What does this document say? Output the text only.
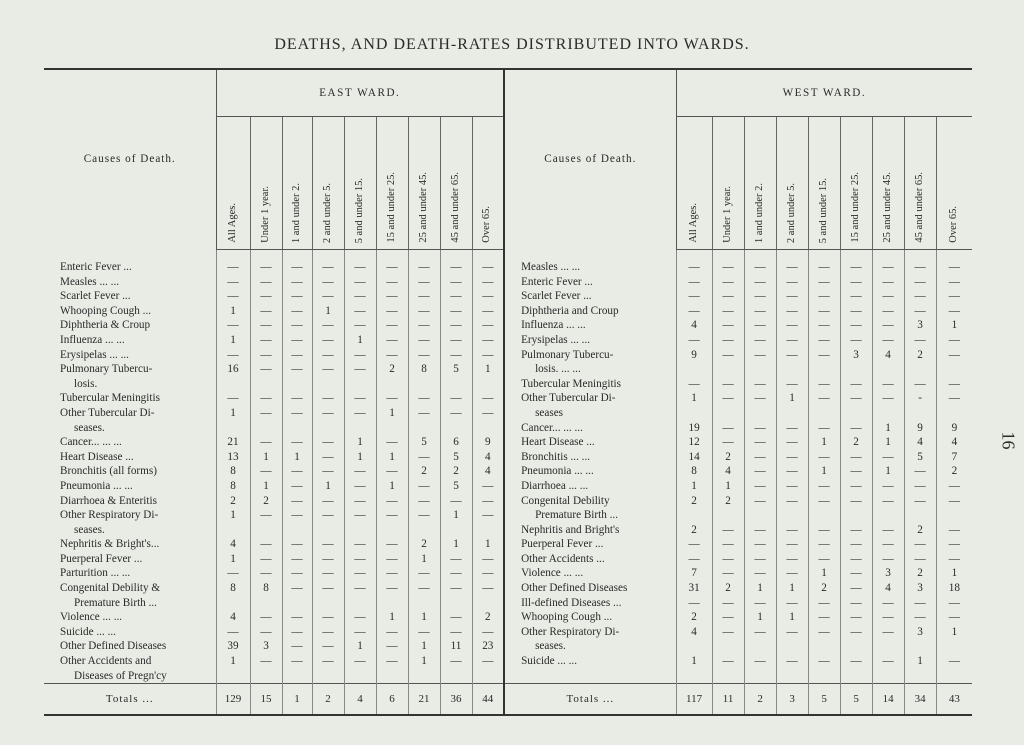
DEATHS, AND DEATH-RATES DISTRIBUTED INTO WARDS.
16
Causes of Death.	EAST WARD.									Causes of Death.	WEST WARD.								

	All Ages.	Under 1 year.	1 and under 2.	2 and under 5.	5 and under 15.	15 and under 25.	25 and under 45.	45 and under 65.	Over 65.		All Ages.	Under 1 year.	1 and under 2.	2 and under 5.	5 and under 15.	15 and under 25.	25 and under 45.	45 and under 65.	Over 65.

Enteric Fever ...	—	—	—	—	—	—	—	—	—	Measles ... ...	—	—	—	—	—	—	—	—	—
Measles ... ...	—	—	—	—	—	—	—	—	—	Enteric Fever ...	—	—	—	—	—	—	—	—	—
Scarlet Fever ...	—	—	—	—	—	—	—	—	—	Scarlet Fever ...	—	—	—	—	—	—	—	—	—
Whooping Cough ...	1	—	—	1	—	—	—	—	—	Diphtheria and Croup	—	—	—	—	—	—	—	—	—
Diphtheria & Croup	—	—	—	—	—	—	—	—	—	Influenza ... ...	4	—	—	—	—	—	—	3	1
Influenza ... ...	1	—	—	—	1	—	—	—	—	Erysipelas ... ...	—	—	—	—	—	—	—	—	—
Erysipelas ... ...	—	—	—	—	—	—	—	—	—	Pulmonary Tubercu-	9	—	—	—	—	3	4	2	—
Pulmonary Tubercu-	16	—	—	—	—	2	8	5	1	losis. ... ...									
losis.										Tubercular Meningitis	—	—	—	—	—	—	—	—	—
Tubercular Meningitis	—	—	—	—	—	—	—	—	—	Other Tubercular Di-	1	—	—	1	—	—	—	-	—
Other Tubercular Di-	1	—	—	—	—	1	—	—	—	seases									
seases.										Cancer... ... ...	19	—	—	—	—	—	1	9	9
Cancer... ... ...	21	—	—	—	1	—	5	6	9	Heart Disease ...	12	—	—	—	1	2	1	4	4
Heart Disease ...	13	1	1	—	1	1	—	5	4	Bronchitis ... ...	14	2	—	—	—	—	—	5	7
Bronchitis (all forms)	8	—	—	—	—	—	2	2	4	Pneumonia ... ...	8	4	—	—	1	—	1	—	2
Pneumonia ... ...	8	1	—	1	—	1	—	5	—	Diarrhoea ... ...	1	1	—	—	—	—	—	—	—
Diarrhoea & Enteritis	2	2	—	—	—	—	—	—	—	Congenital Debility	2	2	—	—	—	—	—	—	—
Other Respiratory Di-	1	—	—	—	—	—	—	1	—	Premature Birth ...									
seases.										Nephritis and Bright's	2	—	—	—	—	—	—	2	—
Nephritis & Bright's...	4	—	—	—	—	—	2	1	1	Puerperal Fever ...	—	—	—	—	—	—	—	—	—
Puerperal Fever ...	1	—	—	—	—	—	1	—	—	Other Accidents ...	—	—	—	—	—	—	—	—	—
Parturition ... ...	—	—	—	—	—	—	—	—	—	Violence ... ...	7	—	—	—	1	—	3	2	1
Congenital Debility &	8	8	—	—	—	—	—	—	—	Other Defined Diseases	31	2	1	1	2	—	4	3	18
Premature Birth ...										Ill-defined Diseases ...	—	—	—	—	—	—	—	—	—
Violence ... ...	4	—	—	—	—	1	1	—	2	Whooping Cough ...	2	—	1	1	—	—	—	—	—
Suicide ... ...	—	—	—	—	—	—	—	—	—	Other Respiratory Di-	4	—	—	—	—	—	—	3	1
Other Defined Diseases	39	3	—	—	1	—	1	11	23	seases.									
Other Accidents and	1	—	—	—	—	—	1	—	—	Suicide ... ...	1	—	—	—	—	—	—	1	—
Diseases of Pregn'cy																			
Totals ...	129	15	1	2	4	6	21	36	44	Totals ...	117	11	2	3	5	5	14	34	43
